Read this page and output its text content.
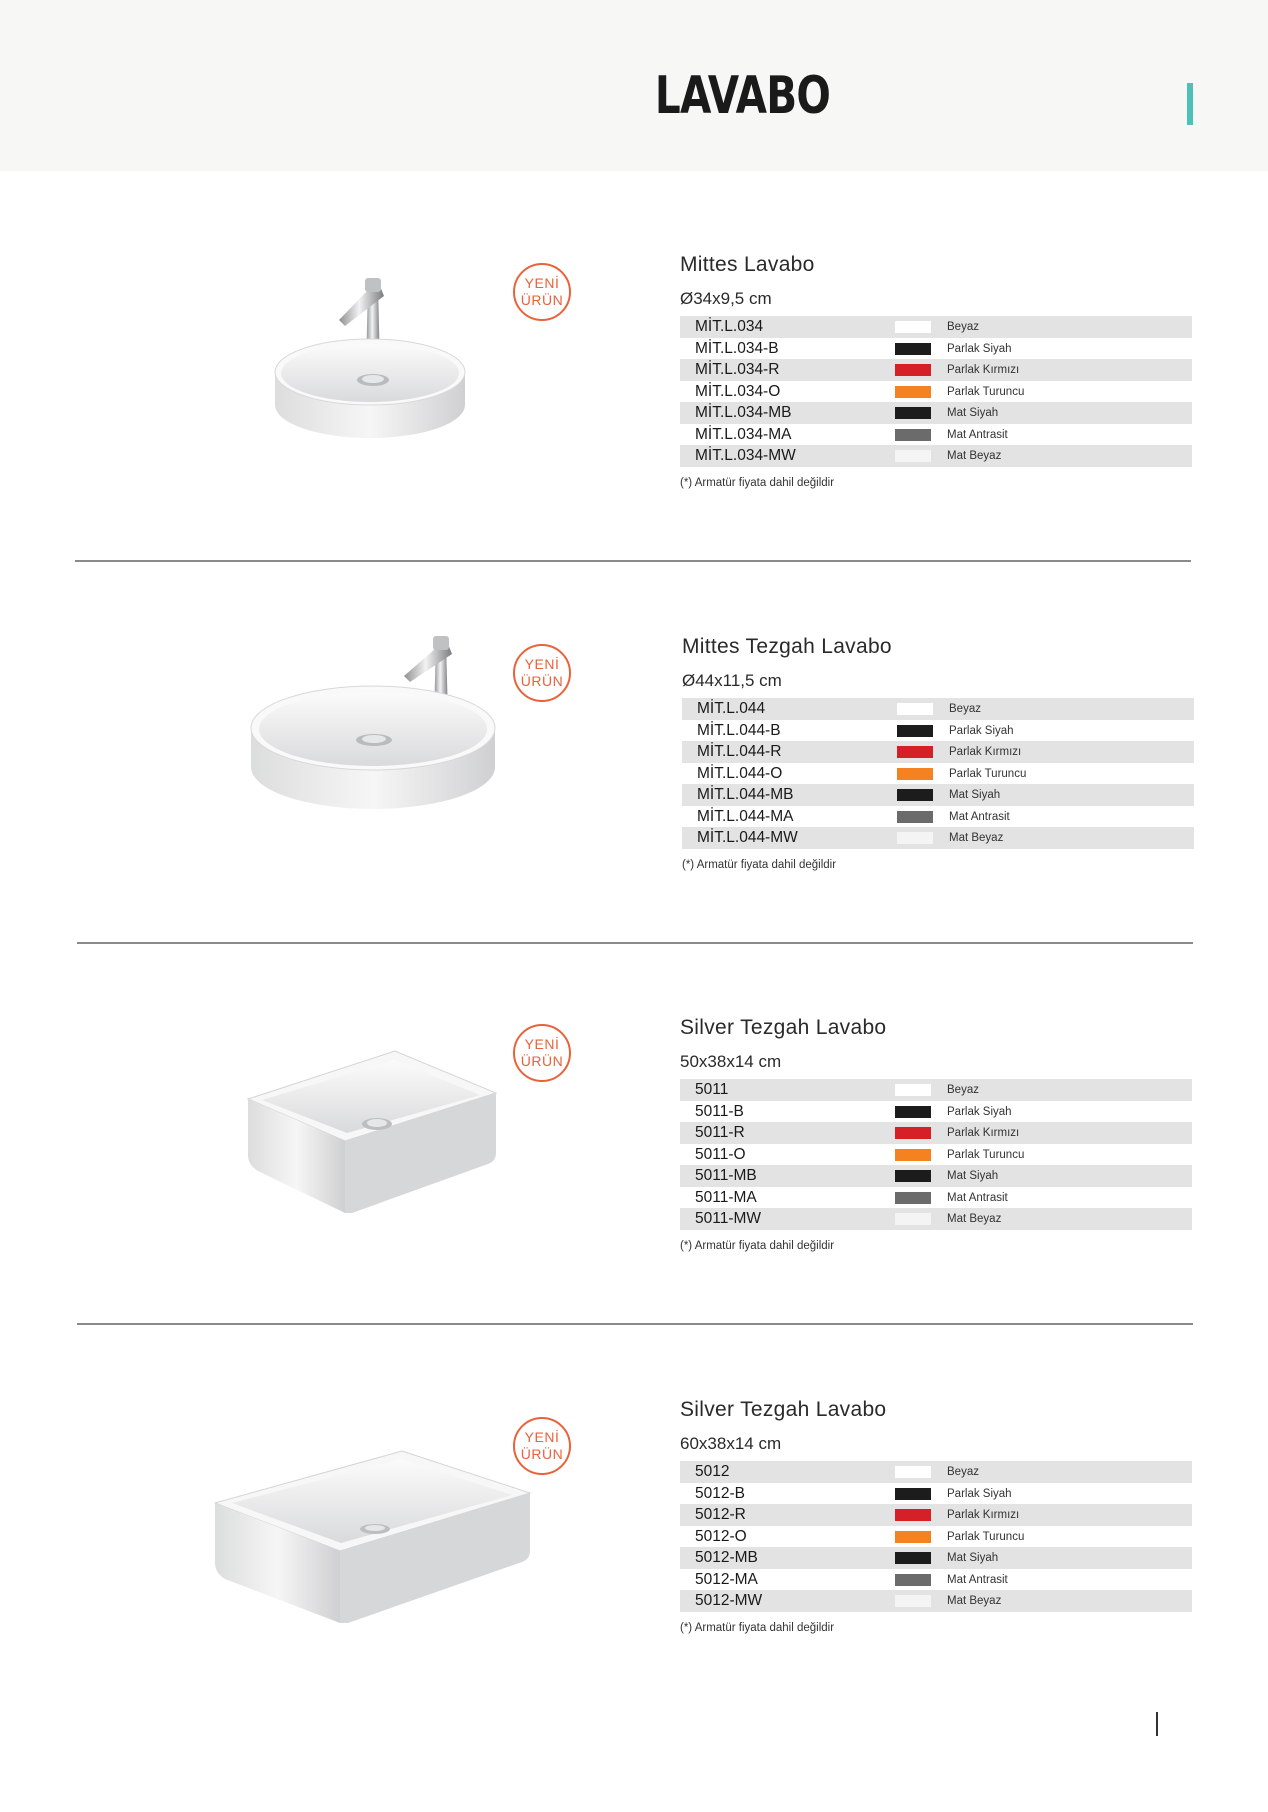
LAVABO
YENİ
ÜRÜN
Mittes Lavabo
Ø34x9,5 cm
MİT.L.034	Beyaz
MİT.L.034-B	Parlak Siyah
MİT.L.034-R	Parlak Kırmızı
MİT.L.034-O	Parlak Turuncu
MİT.L.034-MB	Mat Siyah
MİT.L.034-MA	Mat Antrasit
MİT.L.034-MW	Mat Beyaz
(*) Armatür fiyata dahil değildir
YENİ
ÜRÜN
Mittes Tezgah Lavabo
Ø44x11,5 cm
MİT.L.044	Beyaz
MİT.L.044-B	Parlak Siyah
MİT.L.044-R	Parlak Kırmızı
MİT.L.044-O	Parlak Turuncu
MİT.L.044-MB	Mat Siyah
MİT.L.044-MA	Mat Antrasit
MİT.L.044-MW	Mat Beyaz
(*) Armatür fiyata dahil değildir
YENİ
ÜRÜN
Silver Tezgah Lavabo
50x38x14 cm
5011	Beyaz
5011-B	Parlak Siyah
5011-R	Parlak Kırmızı
5011-O	Parlak Turuncu
5011-MB	Mat Siyah
5011-MA	Mat Antrasit
5011-MW	Mat Beyaz
(*) Armatür fiyata dahil değildir
YENİ
ÜRÜN
Silver Tezgah Lavabo
60x38x14 cm
5012	Beyaz
5012-B	Parlak Siyah
5012-R	Parlak Kırmızı
5012-O	Parlak Turuncu
5012-MB	Mat Siyah
5012-MA	Mat Antrasit
5012-MW	Mat Beyaz
(*) Armatür fiyata dahil değildir
